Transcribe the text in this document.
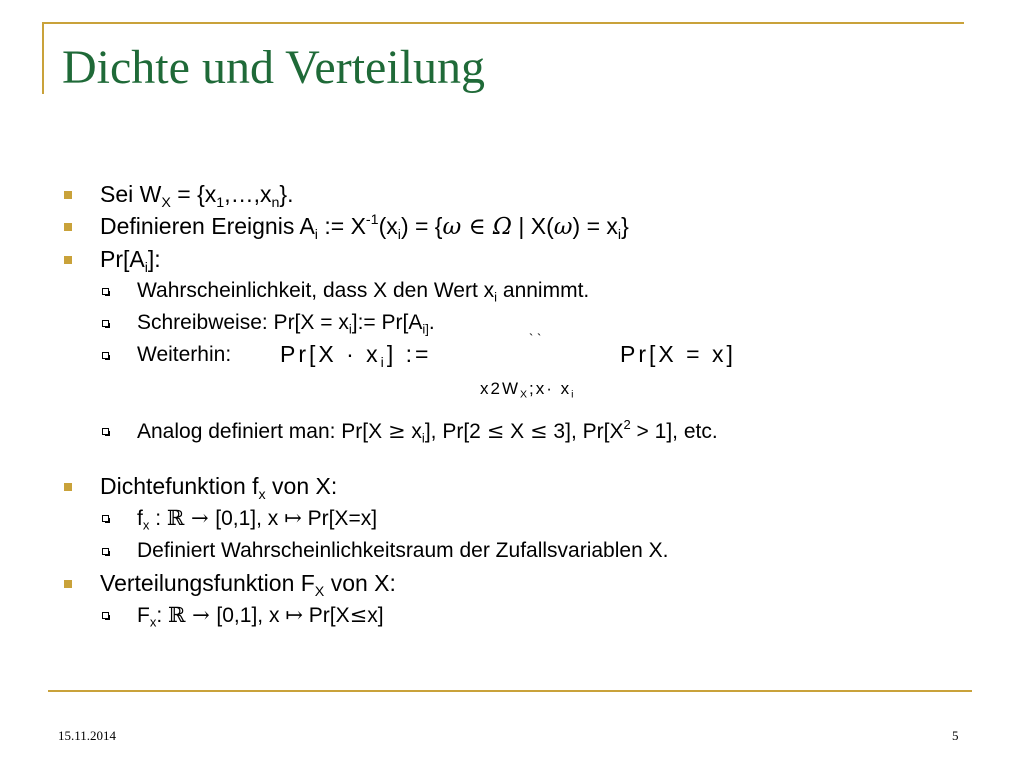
Dichte und Verteilung
Sei $W_X$ = $\{x_1,\dots,x_n\}$.
Definieren Ereignis $A_i$ := $X^{-1}(x_i) = \{\omega$ ∈ Ω | $X(\omega) = x_i$}
$Pr[A_i]$:
Wahrscheinlichkeit, dass X den Wert $x_i$ annimmt.
Schreibweise: $Pr[X = x_i]:= Pr[A_{i]}$.
Weiterhin:
` `
$Pr[X \cdot x_i]$ :=	Pr[X = x]
$x2W_X;x\cdot x_i$
Analog definiert man: $Pr[X \ge x_i]$, Pr[2 ≤ X ≤ 3], $Pr[X^2 > 1]$, etc.
Dichtefunktion $f_x$ von X:
$f_x$ : ℝ → [0,1], x ↦ Pr[X=x]
Definiert Wahrscheinlichkeitsraum der Zufallsvariablen X.
Verteilungsfunktion $F_X$ von X:
$F_x$: ℝ → [0,1], x ↦ Pr[X≤x]
15.11.2014	5
